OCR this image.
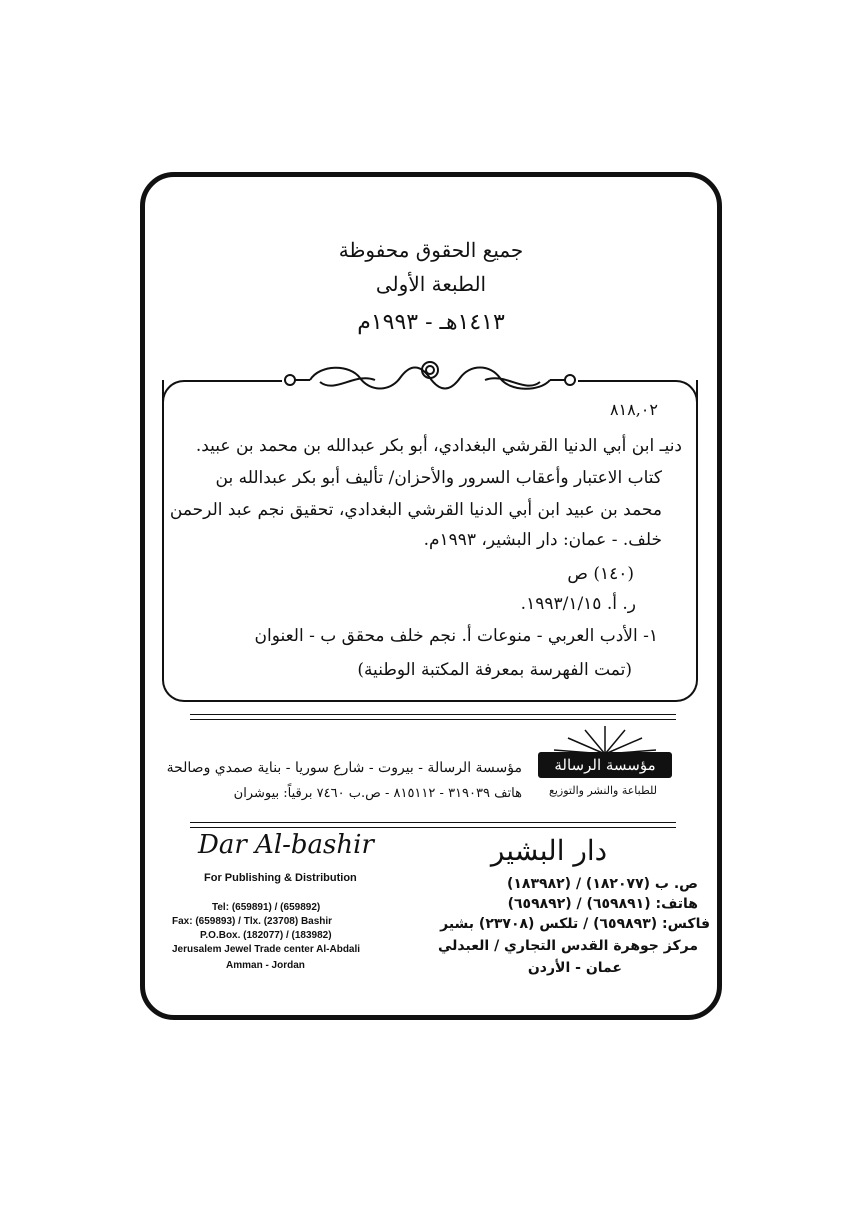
جميع الحقوق محفوظة
الطبعة الأولى
١٤١٣هـ - ١٩٩٣م
٨١٨,٠٢
دنيـ ابن أبي الدنيا القرشي البغدادي، أبو بكر عبدالله بن محمد بن عبيد.
كتاب الاعتبار وأعقاب السرور والأحزان/ تأليف أبو بكر عبدالله بن
محمد بن عبيد ابن أبي الدنيا القرشي البغدادي، تحقيق نجم عبد الرحمن
خلف. - عمان: دار البشير، ١٩٩٣م.
(١٤٠) ص
ر. أ. ١٩٩٣/١/١٥.
١- الأدب العربي - منوعات أ. نجم خلف محقق ب - العنوان
(تمت الفهرسة بمعرفة المكتبة الوطنية)
مؤسسة الرسالة
للطباعة والنشر والتوزيع
مؤسسة الرسالة - بيروت - شارع سوريا - بناية صمدي وصالحة
هاتف ٣١٩٠٣٩ - ٨١٥١١٢ - ص.ب ٧٤٦٠ برقياً: بيوشران
Dar Al-bashir
For Publishing & Distribution
Tel: (659891) / (659892)
Fax: (659893) / Tlx. (23708) Bashir
P.O.Box. (182077) / (183982)
Jerusalem Jewel Trade center Al-Abdali
Amman - Jordan
دار البشير
ص. ب (١٨٢٠٧٧) / (١٨٣٩٨٢)
هاتف: (٦٥٩٨٩١) / (٦٥٩٨٩٢)
فاكس: (٦٥٩٨٩٣) / تلكس (٢٣٧٠٨) بشير
مركز جوهرة القدس التجاري / العبدلي
عمان - الأردن
